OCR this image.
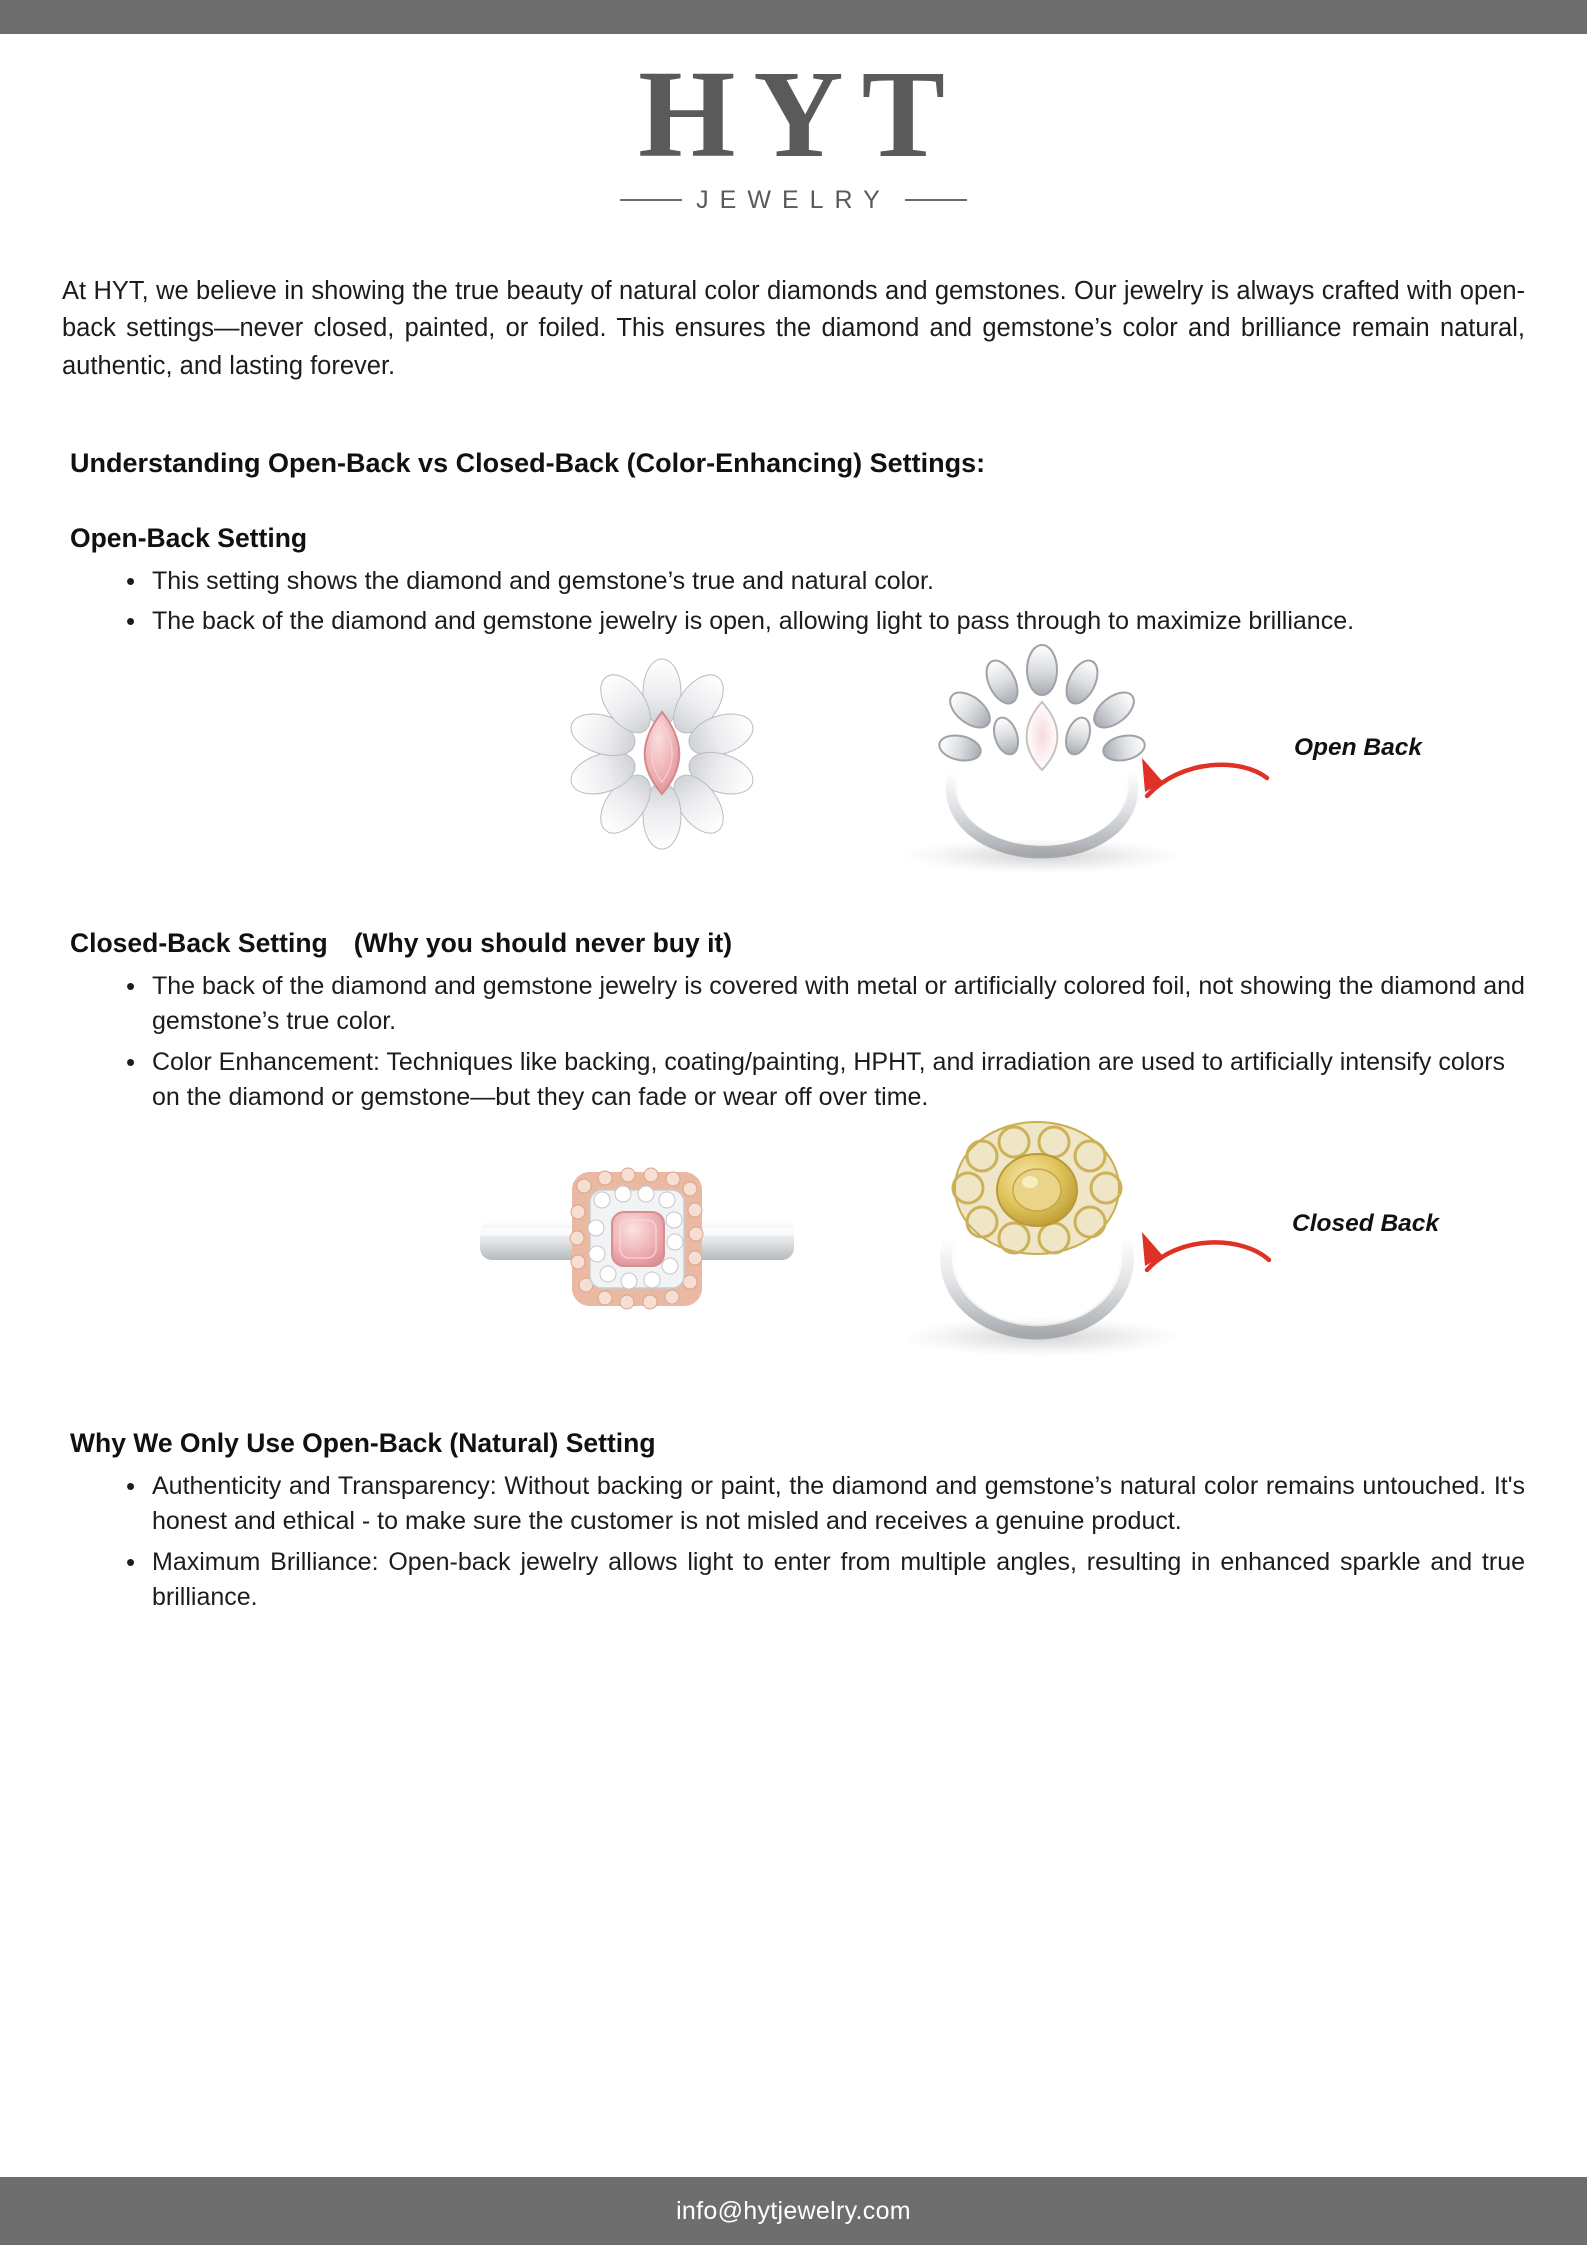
HYT
JEWELRY

At HYT, we believe in showing the true beauty of natural color diamonds and gemstones. Our jewelry is always crafted with open-back settings—never closed, painted, or foiled. This ensures the diamond and gemstone’s color and brilliance remain natural, authentic, and lasting forever.

Understanding Open-Back vs Closed-Back (Color-Enhancing) Settings:
Open-Back Setting
• This setting shows the diamond and gemstone’s true and natural color.
• The back of the diamond and gemstone jewelry is open, allowing light to pass through to maximize brilliance.
Open Back
Closed-Back Setting (Why you should never buy it)
• The back of the diamond and gemstone jewelry is covered with metal or artificially colored foil, not showing the diamond and gemstone’s true color.
• Color Enhancement: Techniques like backing, coating/painting, HPHT, and irradiation are used to artificially intensify colors on the diamond or gemstone—but they can fade or wear off over time.
Closed Back
Why We Only Use Open-Back (Natural) Setting
• Authenticity and Transparency: Without backing or paint, the diamond and gemstone’s natural color remains untouched. It's honest and ethical - to make sure the customer is not misled and receives a genuine product.
• Maximum Brilliance: Open-back jewelry allows light to enter from multiple angles, resulting in enhanced sparkle and true brilliance.
info@hytjewelry.com
